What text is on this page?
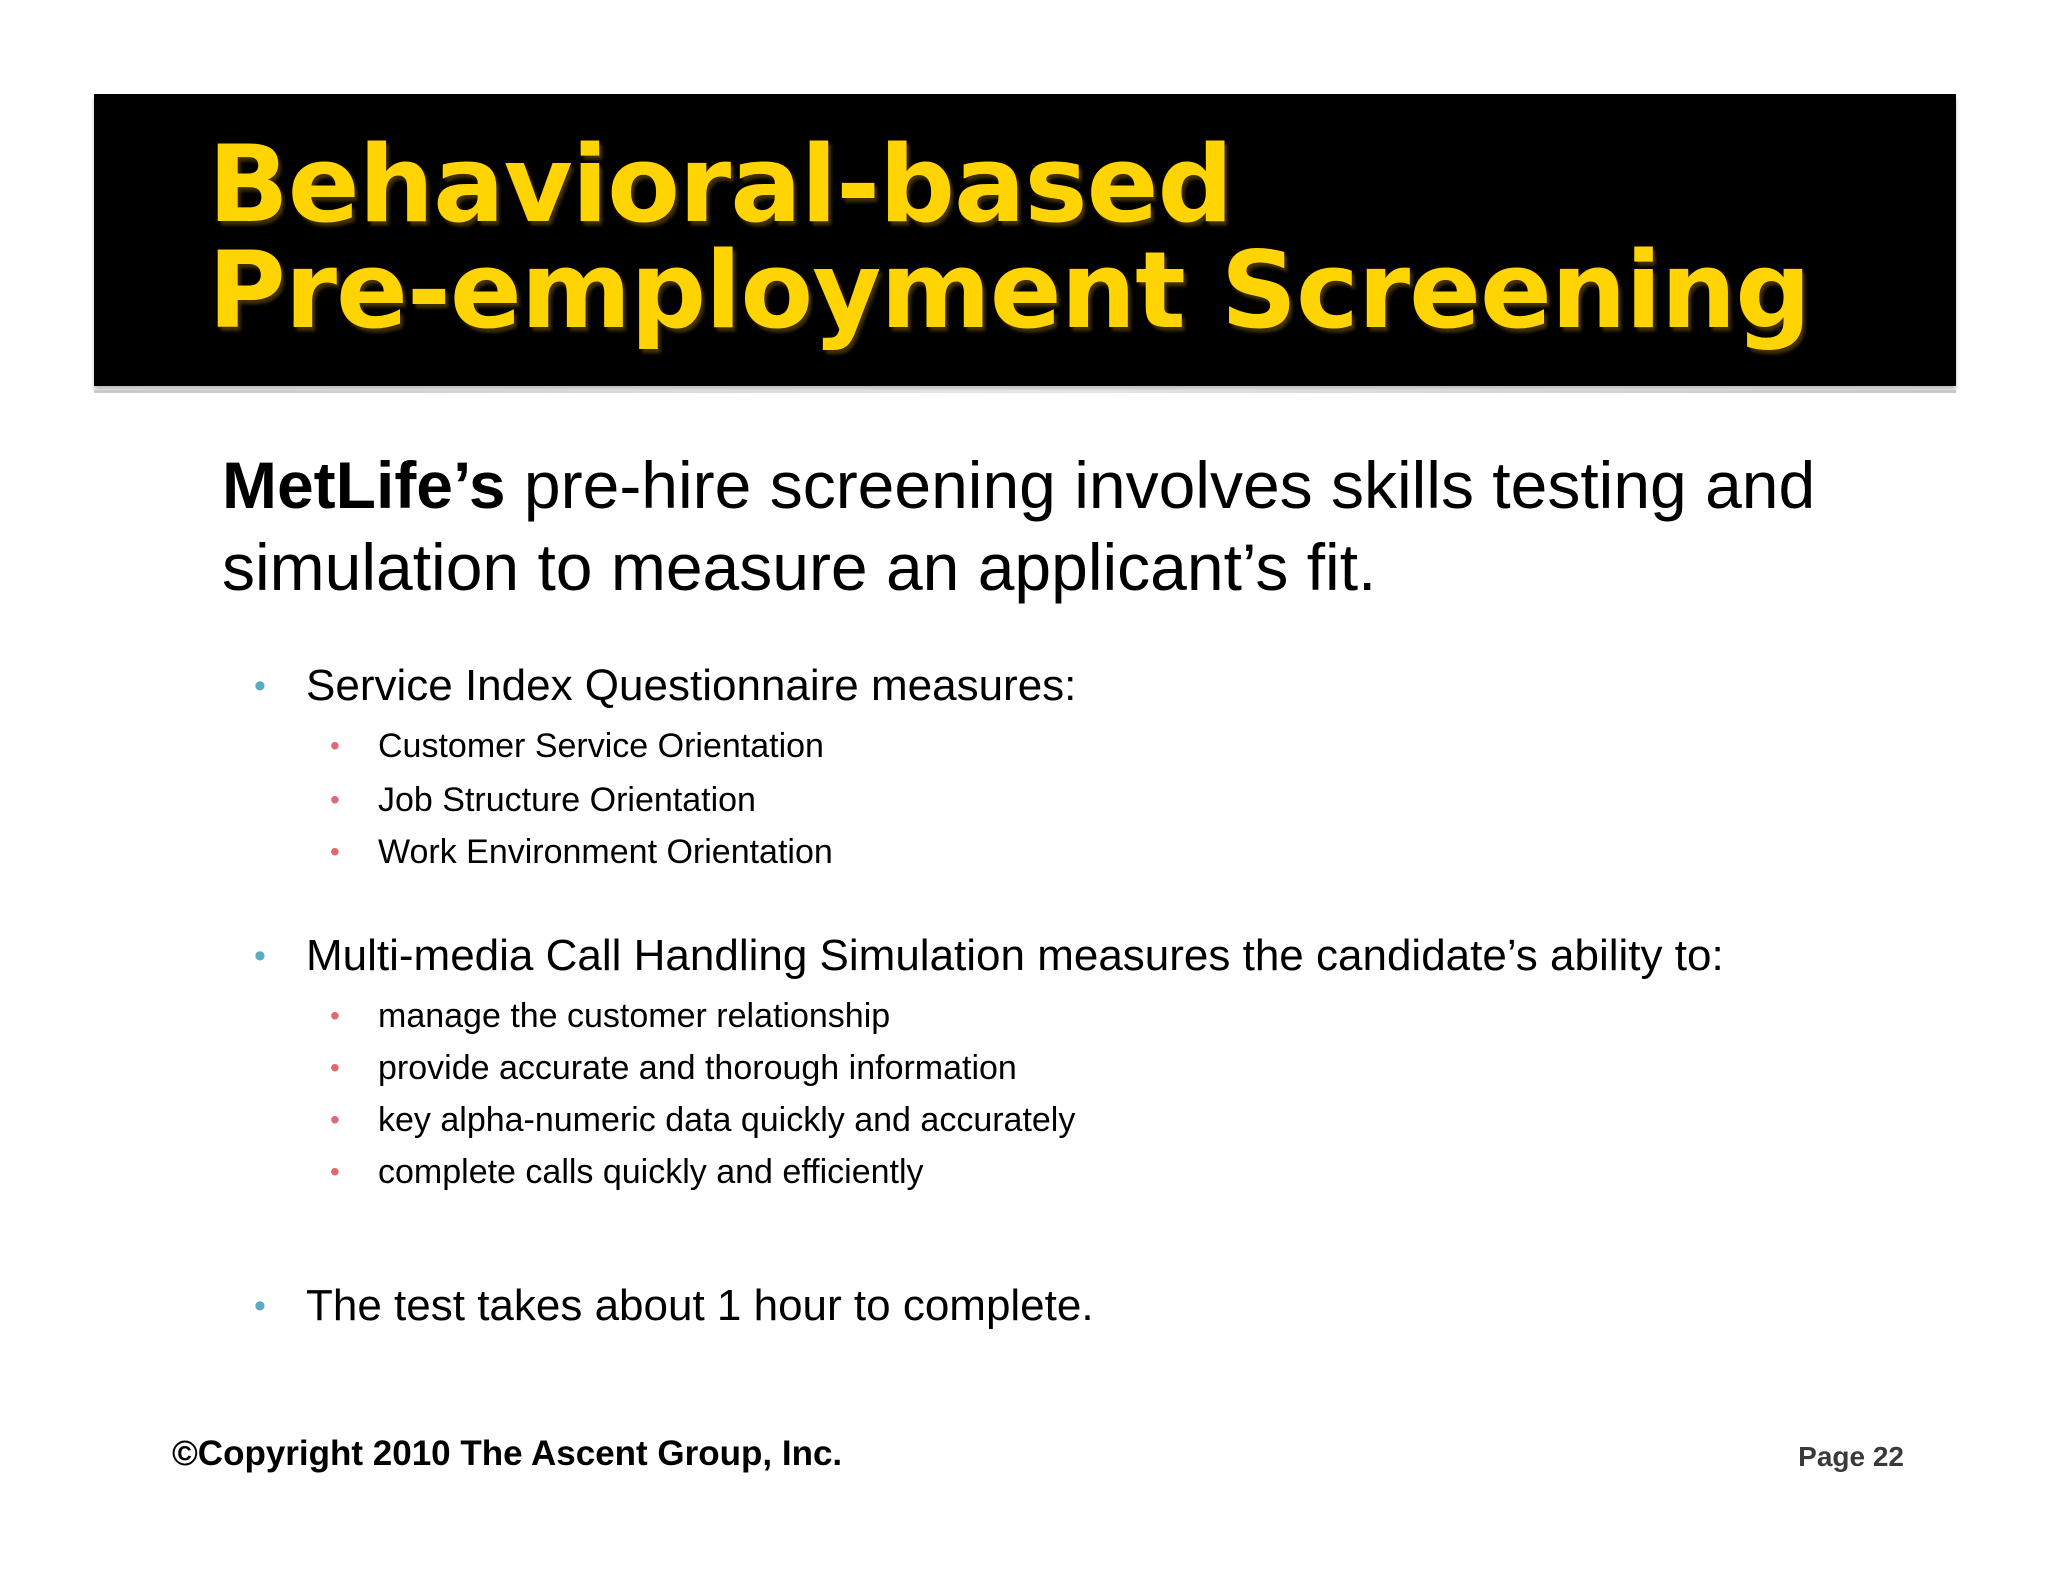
Behavioral-based
Pre-employment Screening

MetLife’s pre-hire screening involves skills testing and
simulation to measure an applicant’s fit.

• Service Index Questionnaire measures:

• Customer Service Orientation

• Job Structure Orientation

• Work Environment Orientation

• Multi-media Call Handling Simulation measures the candidate’s ability to:

• manage the customer relationship

• provide accurate and thorough information

• key alpha-numeric data quickly and accurately

• complete calls quickly and efficiently

• The test takes about 1 hour to complete.

©Copyright 2010 The Ascent Group, Inc.	Page 22
